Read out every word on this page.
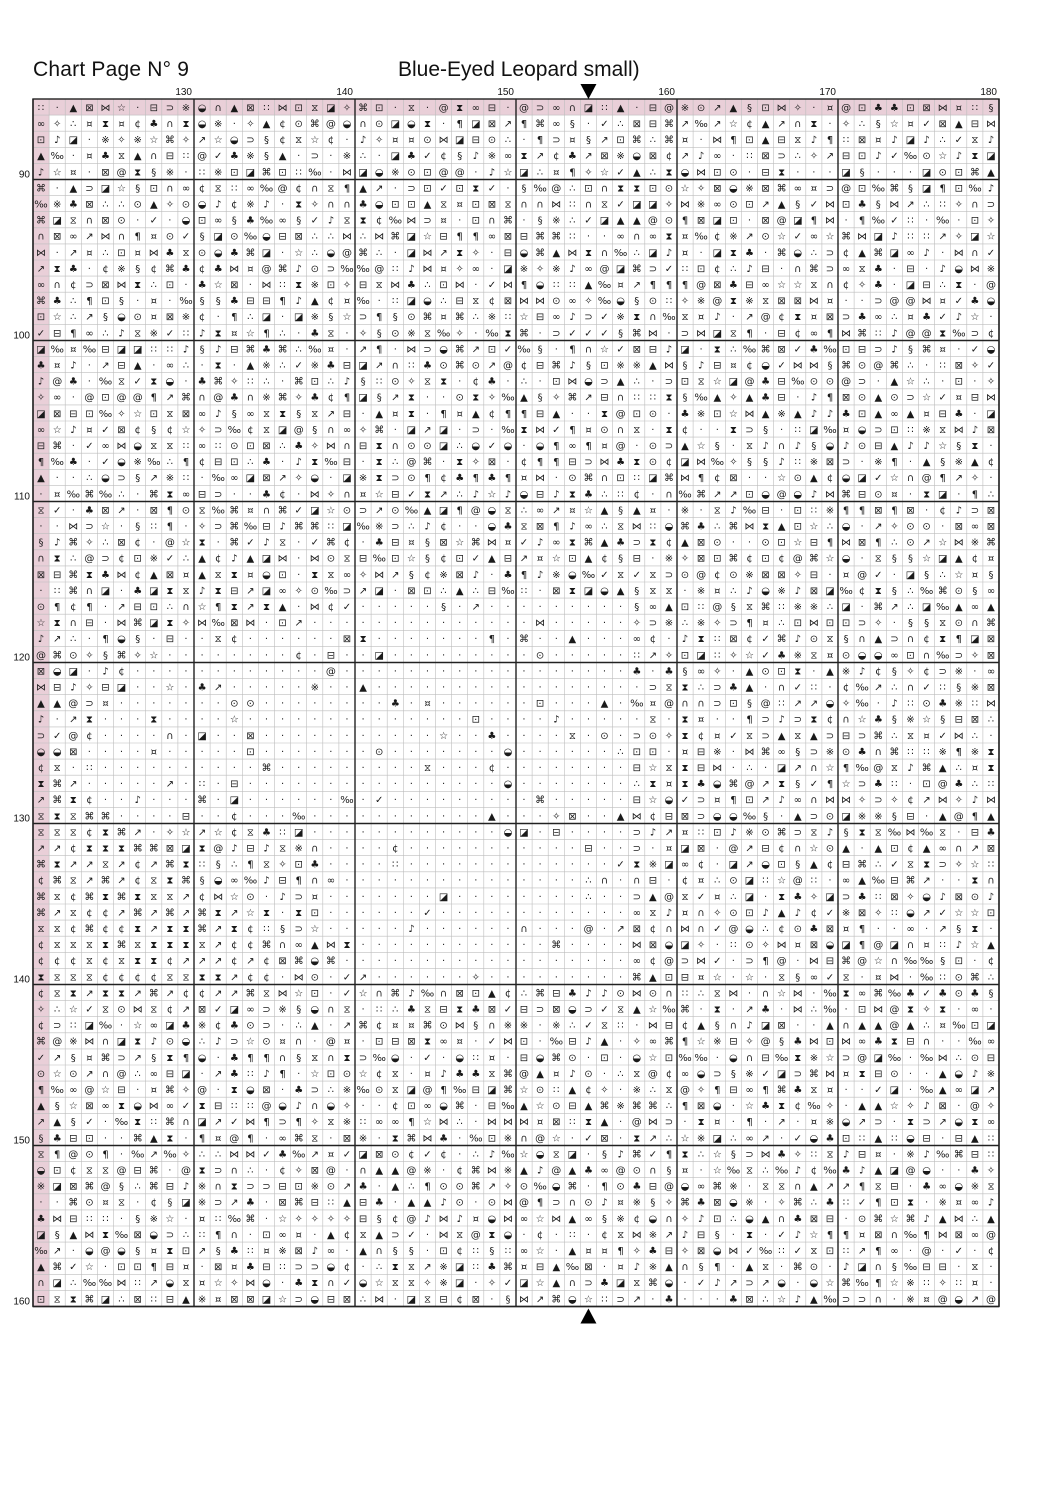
Chart Page N° 9	Blue-Eyed Leopard small)
∷ · ▲ ⊠ ⋈ ☆ · ⊟ ⊃ ※ ◒ ∩ ▲ ⊠ ∷ ⋈ ⊡ ⧖ ◪ ✧ ⌘ ⊡ · ⧖ · @ ⧗ ∞ ⊟ · @ ⊃ ∞ ∩ ◪ ∷ ▲ · ⊟ @ ※ ⊙ ↗ ▲ § ⊡ ⋈ ✧ · ¤ @ ⊡ ♣ ♣ ⊡ ⊠ ⋈ ¤ ∷ §
∞ ✧ ∴ ¤ ⧗ ¤ ¢ ♣ ∩ ⧗ ◒ ※ · ✧ ▲ ¢ ⊙ ⌘ @ ◒ ∩ ⊙ ◪ ◒ ⧗ · ¶ ◪ ⊠ ↗ ¶ ⌘ ∞ § · ✓ ∴ ⊠ ⊟ ⌘ ↗ ‰ ↗ ☆ ¢ ▲ ↗ ∩ ⧗ · ✧ ∴ § ☆ ¤ ✓ ⊠ ▲ ⊟ ⋈
⊡ ♪ ◪ · ※ ✧ ※ ☆ ⌘ ✧ ↗ ☆ ◒ ⊃ § ¢ ⧖ ☆ ¢ · ♪ ✧ ¤ ¤ ⊙ ⋈ ◪ ⊟ ⊙ ∴ · ¶ ⊃ ¤ § ↗ ⊡ ⌘ ∴ ⌘ ¤ · ⋈ ¶ ⊡ ▲ ⊟ ⧖ ♪ ¶ ∷ ⊠ ¤ ♪ ◪ ♪ ∴ ✓ ⧖ ♪
▲ ‰ · ¤ ♣ ⧖ ▲ ∩ ⊟ ∷ @ ✓ ♣ ※ § ▲ · ⊃ · ※ ∴ · ◪ ♣ ✓ ¢ § ♪ ※ ∞ ⧗ ↗ ¢ ♣ ↗ ⊠ ※ ◒ ⊠ ¢ ↗ ♪ ∞ · ∷ ⊠ ⊃ ∴ ✧ ↗ ⊟ ⊡ ♪ ✓ ‰ ⊙ ☆ ♪ ⧗ ◪
♪ ☆ ¤ · ⊠ @ ⧗ § ※ · ∷ ※ ⊡ ◪ ⌘ ⊡ ∷ ‰ · ⋈ ◪ ◒ ※ ⊙ ⊡ @ @ · ♪ ☆ ◪ ∴ ¤ ¶ ✧ ☆ ✓ ▲ ∴ ⧗ ◒ ⋈ ⊡ ⊙ · ⊟ ⧗ · · · ◪ § · · · ◪ ⊙ ⊡ ⌘ ▲
⌘ · ▲ ⊃ ◪ ☆ § ⊡ ∩ ∞ ¢ ⧖ ∷ ∞ ‰ @ ¢ ∩ ⧖ ¶ ▲ ↗ · ⊃ ⊡ ✓ ⊡ ⧗ ✓ · § ‰ @ ∴ ⊡ ∩ ⧗ ⧗ ⊡ ⊙ ☆ ✧ ⊠ ◒ ※ ⊠ ⌘ ∞ ¤ ⊃ @ ⊡ ‰ ⌘ § ◪ ¶ ⊡ ‰ ♪
‰ ※ ♣ ⊠ ∴ ∴ ⊙ ▲ ✧ ⊙ ◒ ♪ ¢ ※ ♪ · ⧗ ✧ ∩ ∩ ♣ ◒ ⊡ ⊡ ▲ ⧖ ¤ ⊡ ⊠ ⧖ ∩ ∩ ⋈ ∷ ∩ ⧖ ✓ ◪ ◪ ✧ ⋈ ※ ∞ ⊙ ⊡ ↗ ▲ § ✓ ⋈ ⊡ ♣ § ⋈ ↗ ∴ ∷ ✧ ∩ ⊃
⌘ ◪ ⧖ ∩ ⊠ ⊙ · ✓ · ◒ ⊡ ∞ § ♣ ‰ ∞ § ✓ ♪ ⧖ ⧗ ¢ ‰ ⋈ ⊃ ¤ · ⊡ ∩ ⌘ · § ※ ∴ ✓ ◪ ▲ ▲ @ ⊙ ¶ ⊠ ◪ ⊡ · ⊠ @ ◪ ¶ ⋈ · ¶ ‰ ✓ ∷ · ‰ · ⊡ ✧
∩ ⊠ ∞ ↗ ⋈ ∩ ¶ ¤ ⊙ ✓ § ◪ ⊙ ‰ ◒ ⊟ ⊠ ∴ ∴ ⋈ ∴ ⋈ ⌘ ◪ ☆ ⊟ ¶ ¶ ∞ ⊠ ⊟ ⌘ ⌘ ∷ · · ∞ ∩ ∞ ⧗ ¤ ‰ ¢ ※ ↗ ⊙ ☆ ✓ ∞ ☆ ⌘ ⋈ ◪ ♪ ∷ ∷ ↗ ✧ ◪ ☆
⋈ · ↗ ¤ ∴ ⊡ ¤ ⋈ ♣ ⧖ ⊙ ◒ ♣ ⌘ ◪ · ☆ ∴ ◒ @ ⌘ ∴ · ◪ ⋈ ↗ ⧗ ✧ · ⊟ ◒ ⌘ ▲ ⋈ ⧗ ∩ ‰ ∴ ◪ ♪ ¤ · ◪ ⧗ ♣ · ⌘ ◒ ∴ ⊃ ¢ ▲ ⌘ ◪ ∞ ♪ · ⋈ ∩ ✓
↗ ⧗ ♣ · ¢ ※ § ¢ ⌘ ♣ ¢ ♣ ⋈ ¤ @ ⌘ ♪ ⊙ ⊃ ‰ ‰ @ ∷ ♪ ⋈ ¤ ✧ ∞ · ◪ ※ ✧ ※ ♪ ∞ @ ◪ ⌘ ⊃ ✓ ∷ ⊡ ¢ ∴ ♪ ⊟ · ∩ ⌘ ⊃ ∞ ⧖ ♣ · ⊟ · ♪ ◒ ⋈ ※
∞ ∩ ¢ ⊃ ⊠ ⋈ ⧗ ∴ ⊡ · ♣ ☆ ⊠ · ⋈ ∷ ⧗ ※ ⊡ ✧ ⊟ ⧖ ⋈ ♣ ∴ ⊡ ⋈ · ✓ ⋈ ¶ ◒ ∷ ∷ ▲ ‰ ¤ ↗ ¶ ¶ ¶ @ ⊠ ♣ ⊟ ∞ ☆ ☆ ⧖ ∩ ¢ ✧ ♣ · ◪ ⊟ ∴ ⧗ · @
⌘ ♣ ∴ ¶ ⊡ § · ¤ · ‰ § § ♣ ⊟ ⊟ ¶ ♪ ▲ ¢ ¤ ‰ · ∷ ◪ ◒ ∴ ⊟ ⧖ ¢ ⊠ ⋈ ⋈ ⊙ ∞ ✧ ‰ ◒ § ⊙ ∷ ✧ ※ @ ⧗ ※ ⧖ ⊠ ⊠ ⋈ ¤ · · ⊃ @ @ ⋈ ¤ ✓ ♣ ◒
⊡ ☆ ∴ ↗ § ◒ ⊙ ¤ ⊠ ※ ¢ · ¶ ∴ ◪ · ◪ ※ § ☆ ⊃ ¶ § ⊙ ⌘ ¤ ⌘ ∴ ※ ∷ ☆ ⊟ ∞ ♪ ⊃ ✓ ※ ⧗ ∩ ‰ ⧖ ¤ ♪ · ↗ @ ¢ ⧗ ¤ ⊠ ⊃ ♣ ∞ ∴ ¤ ♣ ✓ ♪ ☆ ·
✓ ⊟ ¶ ∞ ∴ ♪ ⧖ ※ ✓ ∷ ♪ ⧗ ¤ ☆ ¶ ∴ · ♣ ⧖ · ✧ § ⊙ ※ ⧖ ‰ ✧ · ‰ ⧗ ⌘ · ⊃ ✓ ✓ ✓ § ⌘ ⋈ · ⊃ ⋈ ◪ ⧖ ¶ · ⊟ ¢ ∞ ¶ ⋈ ⌘ ∷ ♪ @ @ ⧗ ‰ ⊃ ¢
◪ ‰ ¤ ‰ ⊟ ◪ ◪ ∷ ∷ ♪ § ♪ ⊟ ⌘ ♣ ⌘ ∴ ‰ ¤ · ↗ ¶ · ⋈ ⊃ ◒ ⌘ ↗ ⊡ ✓ ‰ § · ¶ ∩ ☆ ✓ ⊠ ⊟ ♪ ◪ · ⧗ ∴ ‰ ⌘ ⊠ ✓ ♣ ‰ ⊡ ⊟ ⊃ ♪ § ⌘ ¤ · ✓ ◒
♣ ¤ ♪ · ↗ ⊟ ▲ · ∞ ∴ · ⧗ · ▲ ※ ∴ ✓ ※ ♣ ⊟ ◪ ↗ ∩ ∷ ♣ ⊙ ⌘ ⊙ ↗ @ ¢ ⊟ ⌘ ♪ § ⊡ ※ ※ ▲ ⋈ § ♪ ⊟ ¤ ¢ ◒ ✓ ⋈ ⋈ § ⌘ ⊙ @ ⌘ ∴ · ∷ ⊠ ✧ ✓
♪ @ ♣ · ‰ ⧖ ✓ ⧗ ◒ · ♣ ⌘ ✧ ∷ ∴ · ⌘ ⊡ ∴ ♪ § ∷ ⊙ ✧ ⧖ ⧗ · ¢ ♣ · ∴ · ⊡ ⋈ ◒ ⊃ ▲ ∴ · ⊃ ⊡ ⧖ ☆ ◪ @ ♣ ⊟ ‰ ⊙ ⊙ @ ⊃ · ▲ ☆ ∴ · ⊡ · ✧
✧ ∞ · @ ⊡ @ @ ¶ ↗ ⌘ ∩ @ ♣ ∩ ※ ⌘ ✧ ♣ ¢ ¶ ◪ § ↗ ⧗ · · ⊙ ⧗ ✧ ‰ ▲ § ✧ ⌘ ↗ ⊟ ∩ ∷ ∷ ⧗ § ‰ ▲ ✧ ▲ ♣ ⊟ · ♪ ¶ ⊠ ⊙ ▲ ⊙ ⊃ ☆ ✓ ¤ ⊟ ⋈
◪ ⊠ ⊟ ⊡ ‰ ✧ ☆ ⊡ ⧖ ⊠ ∞ ♪ § ∞ ⧖ ⧗ § ⧖ ↗ ⊟ · ▲ ¤ ⧗ · ¶ ¤ ▲ ¢ ¶ ¶ ⊟ ▲ · · ⧗ @ ⊡ ⊙ · ♣ ※ ⊡ ☆ ⋈ ▲ ※ ▲ ♪ ♪ ♣ ⊡ ▲ ∞ ▲ ¤ ⊟ ♣ · ◪
∞ ☆ ♪ ¤ ✓ ⊠ ¢ § ¢ ☆ ✧ ⊃ ‰ ¢ ⧖ ◪ @ § ∩ ∞ ✧ ⌘ · ◪ ↗ ◪ · ⊃ · ‰ ⧗ ⋈ ✓ ¶ ¤ ⊙ ∩ ⧖ · ⧗ ¢ · · ⧗ ⊃ § · ∷ ◪ ‰ ¤ ◒ ⊃ ⊡ ∷ ※ ⧖ ⋈ ♪ ⊠
⊟ ⌘ · ✓ ∞ ⋈ ◒ ⧖ ⧖ ∷ ∞ ∷ ⊙ ⊡ ⊠ ∴ ♣ ✧ ⋈ ∩ ⊟ ⧗ ∩ ⊙ ⊙ ◪ ∴ ◒ ✓ ◒ · ◒ ¶ ∞ ¶ ¤ @ · ⊙ ⊃ ▲ ☆ § · ⧖ ♪ ∩ ♪ § ◒ ♪ ⊙ ⊟ ▲ ♪ ♪ ☆ § ⧗ ·
¶ ‰ ♣ · ✓ ◒ ※ ‰ ∴ ¶ ¢ ⊟ ⊡ ∴ ♣ · ♪ ⧗ ‰ ⊟ · ⧗ ∴ @ ⌘ · ⧗ ✧ ⊠ · ¢ ¶ ¶ ⊟ ⊃ ⋈ ♣ ⧗ ⊙ ¢ ◪ ⋈ ‰ ✧ § § ♪ ∷ ※ ⊠ ⊃ · ※ ¶ · ▲ § ※ ▲ ¢
▲ · · ∴ ◒ ⊃ § ↗ ※ ∷ · ‰ ∞ ◪ ⊠ ↗ ✧ ◒ · ◪ ※ ⧗ ⊃ ⊙ ¶ ¢ ♣ ¶ ♣ ¶ ¤ ⋈ · ⊙ ⌘ ∩ ⊡ ∷ ◪ ⌘ ⋈ ¶ ¢ ⊠ · · ☆ ⊙ ▲ ¢ ◒ ◪ ✓ ☆ ∩ @ ¶ ↗ ✧ ·
· ¤ ‰ ⌘ ‰ ∴ · ⌘ ⧗ ∞ ⊟ ⊃ · · ♣ ¢ · ⋈ ✧ ∩ ¤ ☆ ⊟ ✓ ⧗ ↗ ∴ ♪ ☆ ♪ ◒ ⊟ ♪ ⧗ ♣ ∴ ∷ ¢ · ∩ ‰ ⌘ ↗ ↗ ⊡ ◒ @ ◒ ♪ ⋈ ⌘ ⊟ ⊙ ¤ · ⧗ ◪ · ¶ ∴
⧖ ✓ · ♣ ⊠ ↗ · ⊠ ¶ ⊙ ⧖ ‰ ⌘ ¤ ∩ ⌘ ✓ ◪ ☆ ⊙ ⊃ ↗ ⊙ ‰ ▲ ◪ ¶ @ ◒ ⧖ ∴ ∞ ↗ ¤ ☆ ▲ § ▲ ¤ · ※ · ⧖ ♪ ‰ ⊟ · ⊡ ∷ ※ ¶ ¶ ⊠ ¶ ⊠ · ¢ ♪ ⊃ ⊠
· · ⋈ ⊃ ☆ · § ∷ ¶ · ✧ ⊃ ⌘ ‰ ⊟ ♪ ⌘ ⌘ ∷ ◪ ‰ ※ ⊃ ∴ ♪ ¢ · · ◒ ♣ ⧖ ⊠ ¶ ♪ ∞ ∴ ⧖ ⋈ ∷ ◒ ⌘ ♣ ∴ ⌘ ⋈ ⧗ ▲ ⊡ ☆ ∴ ◒ · ↗ ✧ ⊙ ⊙ · ⊠ ∞ ⊠
§ ♪ ⌘ ✧ ∴ ⊠ ¢ · @ ☆ ⧗ · ⌘ ✓ ♪ ⧖ · ✓ ⌘ ¢ · ♣ ⊟ ¤ § ⊠ ☆ ⌘ ⋈ ¤ ✓ ♪ ∞ ⧗ ⌘ ▲ ♣ ⊃ ⧗ ¢ ▲ ⊠ ⊙ · · ⊙ ⊡ ☆ ⊟ ¶ ⋈ ⊠ ¶ ∴ ⊙ ↗ ☆ ⋈ ※ ⌘
∩ ⧗ ∴ @ ⊃ ¢ ⊡ ※ ✓ ∴ ▲ ¢ ♪ ▲ ◪ ⋈ · ⋈ ⊙ ⧖ ⊟ ‰ ⊡ ☆ § ¢ ⊡ ✓ ▲ ⊟ ↗ ¤ ☆ ⊡ ▲ ¢ § ⊟ · ※ ✧ ⊠ ⊡ ⌘ ¢ ⊡ ¢ @ ⌘ ☆ ◒ · ⧖ § § ☆ ◪ ▲ ¢ ¤
⊠ ⊟ ⌘ ⧗ ♣ ⋈ ¢ ▲ ⊠ ¤ ▲ ⧖ ⧗ ¤ ◒ ⊡ · ⧗ ⧖ ∞ ✧ ⋈ ↗ § ¢ ※ ⊠ ♪ · ♣ ¶ ♪ ※ ◒ ‰ ✓ ⧖ ✓ ⧖ ⊃ ⊙ @ ¢ ⊙ ※ ⊠ ⊠ ✧ ⊟ · ¤ @ ✓ · ◪ § ∴ ☆ ¤ §
· ∷ ⌘ ∩ ◪ · ♣ ◪ ⧗ ⧖ ♪ ⧗ ⊟ ↗ ◪ ∞ ✧ ⊙ ‰ ⊃ ↗ ◪ · ⊠ ⊡ ∴ ▲ ∴ ⊟ ‰ ∷ · ⊠ ⧗ ◪ ◒ ▲ § ⧖ ⧖ · ※ ¤ ∴ ♪ ◒ ※ ♪ ⊠ ◪ ‰ ¢ ⧗ § ∴ ‰ ⌘ ⊙ § ∞
⊙ ¶ ¢ ¶ · ↗ ⊟ ⊡ ∴ ∩ ☆ ¶ ⧗ ↗ ⧗ ▲ · ⋈ ¢ ✓ · · · · · § · ↗ · · · · · · · · · § ∞ ▲ ⊡ ∷ @ § ⧖ ⌘ ∷ ※ ※ ∴ ◪ · ⌘ ↗ ∴ ◪ ‰ ▲ ∞ ▲
☆ ⧗ ∩ ⊟ · ⋈ ⌘ ◪ ⧗ ✧ ⋈ ‰ ⊠ ⋈ · ⊡ ↗ · · · · · · · · · · · · · · ⋈ · · · · · ✧ ⊃ ※ ∴ ※ ✧ ⊃ ¶ ¤ ∴ ⊡ ⋈ ⊡ ⊡ ⊃ ✧ · § § ⧖ ⊙ ∩ ⌘
♪ ↗ ∴ · ¶ ◒ § · ⊟ · · ⧖ ¢ · · · · · · ⊠ ⧗ · · · · · · · ¶ · ⌘ · · ▲ · · · ∞ ¢ · ♪ ⧗ ∷ ⊠ ¢ ✓ ⌘ ♪ ⊙ ⧖ § ∩ ▲ ⊃ ∩ ¢ ⧗ ¶ ◪ ⊠
@ ⌘ ⊙ ✧ § ⌘ ✧ ☆ · · · · · · · · ¢ · ⊟ · · ◪ · · · · · · · · · ⊙ · · · · · ∷ ↗ ✧ ⊡ ◪ ∷ ✧ ☆ ✓ ♣ ※ ⧖ ¤ ⊙ ◒ ◒ ∞ ⊡ ∩ ‰ ⊃ ✧ ⊠
⊠ ◒ ◪ · ♪ ¢ · · · · · · · · · · · · @ · · · · · · · · · · · · · · · · · · ♣ · ♣ § ∞ ✧ · ▲ ⊙ ⊡ ⧗ · ▲ ※ ♪ ¢ § ✧ ¢ ⊃ ※ · ∞
⋈ ⊟ ♪ ✧ ⊟ ◪ · · ☆ · ♣ ↗ · · · · · ※ · · ▲ · · · · · · · · · · · · · · · · · ⊃ ⧖ ⧗ ∴ ⊃ ♣ ▲ · ∩ ✓ ∷ · ¢ ‰ ↗ ∴ ∩ ✓ ∷ § ※ ⊠
▲ ▲ @ ⊃ ¤ · · · · · · · ⊙ ⊙ · · · · · · · · ♣ · ¤ · · · · · · ⊡ · · · ▲ · ‰ ¤ @ ∩ ∩ ⊃ ⊡ § @ ∷ ↗ ↗ ◒ ✧ ‰ · ♪ ∷ ⊙ ♣ ※ ∷ ⋈
♪ · ↗ ⧗ · · · ⧗ · · · · ☆ · · · · · · · · · · · · · · ⊡ · · · · ♪ · · · · · ⧖ · ⧗ ¤ · · ¶ ⊃ ♪ ⊃ ⧗ ¢ ∩ ☆ ♣ § ※ ☆ § ⊟ ⊠ ∴
⊃ ✓ @ ¢ · · · · ∩ · ◪ · · ⊠ · · · · · · · · · · · ☆ · · ♣ · · · · ⧖ · ⊙ · ⊃ ⊙ ✧ ⧗ ¢ ¤ ✓ ⧖ ⊃ ▲ ⧖ ▲ ⊃ ⊟ ⊃ ⌘ ∴ ⧖ ¤ ✓ ⋈ ∴ ·
◒ ◒ ⊠ · · · · ¤ · · · · · ⊡ · · · · · · · ⊙ · · · · · · · ◒ · · · · · · ∴ ⊡ ⊡ · ¤ ⊟ ※ · ⋈ ⌘ ∞ § ⊃ ※ ⊙ ♣ ∩ ⌘ ∷ ∷ ※ ¶ ※ ⧗
¢ ⧖ · ∷ · · · · · · · · · · ⌘ · · · · · · · · · ⧖ · · · ¢ · · · · · · · · ⊟ ☆ ⧖ ⧗ ⊟ ⋈ · ∴ · ◪ ↗ ∩ ☆ ¶ ‰ @ ⧖ ♪ ⌘ ▲ ∴ ¤ ⧗
⧗ ⌘ ↗ · · · · · ↗ · ∷ · ⊟ · · · · · · · · · · · · · · · · ◒ · · · · · · · ∴ ⧗ ¤ ⧗ ♣ ◒ ⌘ @ ↗ ⧗ § ✓ ¶ ☆ ⊃ ♣ ∷ · ⊡ @ ♣ ∴ ∷
↗ ⌘ ⧗ ¢ · · ♪ · · · ⌘ · ◪ · · · · · · ‰ · ✓ · · · · · · · · · ⌘ · · · · · ⊟ ☆ ◒ ✓ ⊃ ¤ ¶ ⊡ ↗ ♪ ∞ ∩ ⋈ ⋈ ✧ ⊃ ✧ ¢ ↗ ⋈ ✧ ♪ ⋈
⧖ ⧗ ⧖ ⌘ ⌘ · · · · ⊟ · · ¢ · · · ‰ · · · · · · · · · · · ▲ · · · ✧ ⊠ · · ▲ ⋈ ¢ ⊟ ⊠ ⊃ ◒ ◒ ‰ § · ▲ ⊃ ⊙ ◪ ※ ※ § ⊟ · ▲ @ ¶ ▲
⧖ ⧖ ⧖ ¢ ⧗ ⌘ ↗ · ✧ ☆ ↗ ☆ ¢ ⧖ ♣ ∷ ◪ · · · · · · · · · · · · ◒ ◪ · ⊟ · · · · ⊃ ♪ ↗ ¤ ∷ ⊡ ♪ ※ ⊙ ⌘ ⊃ ⧖ ♪ § ⧗ ⧖ ‰ ⋈ ‰ ⧖ · ⊟ ♣
↗ ↗ ¢ ⧗ ⧗ ⧗ ⌘ ⌘ ⊠ ◪ ⧗ @ ♪ ⊟ ♪ ⧖ ※ ∩ · · · · ¢ · · · · · · · · · · · ⊟ · · ⊃ · ¤ ◪ ⊠ · @ ↗ ⊟ ¢ ∩ ☆ ⊙ ▲ · ▲ ⊡ ¢ ▲ ∞ ∩ ↗ ⊠
⌘ ⧗ ↗ ↗ ⧖ ↗ ¢ ↗ ⌘ ⧗ ∷ § ∴ ¶ ⧖ ✧ ⊡ ♣ · · · · ∷ · · · · · · · · · · · · · ✓ ⧗ ※ ◪ ∞ ¢ · ◪ ↗ ◒ ⊡ § ▲ ¢ ⊟ ⌘ ∴ ✓ ⧖ ⧗ ⊃ ✧ ☆ ∷
¢ ⌘ ⧖ ↗ ⌘ ↗ ¢ ⧖ ⧗ ⌘ § ◒ ∞ ‰ ♪ ⊟ ¶ ∩ ∞ · · · · · · · · · · · · · · · ∴ ∩ · ∩ ⊟ · ¢ ¤ ∴ ⊙ ◪ ∷ ☆ @ ∷ · ∞ ▲ ‰ ⊟ ⌘ ↗ · · ⧗ ∩
⌘ ⧖ ¢ ⌘ ⧗ ⌘ ⧗ ⧖ ⧖ ↗ ¢ ⋈ ☆ ⊙ · ♪ ⊃ ¤ · · · · · · · ◪ · · · · · · · · ∴ · · ⊃ ▲ @ ⧖ ✓ ¤ ∴ ◪ · ⧗ ♣ ✧ ◪ ⊃ ♣ ∷ ⊠ ✧ ◒ ♪ ⊠ ⊙ ♪
⌘ ↗ ⧖ ¢ ¢ ↗ ⌘ ↗ ⌘ ↗ ⌘ ⧗ ↗ ☆ ⧗ · ⧗ ⊡ · · · · · · ✓ · · · · · · · · · · · · ∞ ⧖ ♪ ¤ ∩ ✧ ⊙ ⊡ ♪ ▲ ♪ ¢ ✓ ※ ⊠ ✧ ∷ ◒ ↗ ✓ ☆ ☆ ⊡
⧖ ⧖ ¢ ⌘ ¢ ¢ ⧗ ↗ ⧗ ⧗ ⌘ ↗ ⧗ ¢ ∷ § ⊃ ☆ · · · · · ♪ · · · · · · ∩ · · · @ · ↗ ⊠ ¢ ∩ ⋈ ∩ ✓ @ ◒ ∴ ¢ ⊙ ♣ ⊠ ¤ ¶ · · ∞ · ↗ § ⧗ ·
¢ ⧖ ⧖ ⧖ ⧗ ⌘ ⧖ ⧗ ⧗ ⧗ ⧖ ↗ ¢ ¢ ⌘ ∩ ∞ ▲ ⋈ ⧗ · · · · · · · · · · · · ⌘ · · · · ⋈ ⊠ ◒ ◪ ✧ · ∷ ⊙ ✧ ⋈ ¤ ⊠ ◒ ◪ ¶ @ ◪ ∩ ¤ ∷ ♪ ☆ ▲
¢ ¢ ¢ ⧖ ¢ ⧖ ⧗ ⧗ ¢ ↗ ↗ ↗ ¢ ↗ ¢ ⊠ ⌘ ◒ ⌘ · · · · · · · · · · · · · · · · · · ∞ ¢ @ ⊃ ⋈ ✓ · ⊃ ¶ @ · ⋈ ⊟ ⌘ @ ☆ ∩ ‰ ‰ § ⊡ · ¢
⧗ ⧖ ⧖ ⧖ ¢ ¢ ¢ ¢ ⧖ ⧖ ⧗ ⧗ ↗ ¢ ¢ · ⋈ ⊙ · ✓ ↗ · · · · · · ✧ · · · · · · · · · ⌘ ▲ ⊡ ⊟ ¤ ☆ · ☆ · ⧖ § ∞ ✓ ⧖ · ¤ ⋈ · ‰ ∷ ⊙ ⌘ ∴
¢ ⧖ ⧗ ↗ ⧗ ⧗ ↗ ⌘ ↗ ¢ ¢ ↗ ↗ ⌘ ⧖ ⋈ ☆ ⊡ · ✓ ☆ ∩ ⌘ ♪ ‰ ∩ ⊠ ⊡ ▲ ¢ ∴ ⌘ ⊟ ♣ ♪ ♪ ⊙ ⋈ ⊙ ∩ ∷ ∴ ⧖ ⋈ · ∩ ☆ ⋈ · ‰ ⧗ ∞ ⌘ ‰ ♣ ✓ ♣ ⊙ ♣ §
✧ ∴ ☆ ✓ ⧖ ⊙ ⋈ ⧖ ¢ ↗ ⊠ ✓ ◪ ∞ ⊃ ※ § ◒ ∩ ⧖ · ∷ ∴ ♣ ⧖ ⊟ ⧗ ♣ ⊠ ✓ ⊟ ⊃ ⊠ ◒ ⊃ ✓ ⧖ ▲ ☆ ‰ ⌘ · ⧗ · ↗ ♣ · ⋈ ∴ ‰ · ⊡ ⋈ @ ⧗ ✧ ⧗ · ∞ ·
¢ ⊃ ∷ ◪ ‰ · ☆ ∞ ◪ ♣ ※ ¢ ♣ ⊙ ⊃ · ∴ ▲ · ↗ ⌘ ¢ ¤ ¤ ⌘ ⊙ ⋈ § ∩ ※ ※ · ※ ∴ ✓ ⧖ ∷ · ⋈ ⊟ ¢ ▲ § ∩ ♪ ◪ ⊠ · · ▲ ∩ ▲ ▲ @ ▲ ∴ ¤ ‰ ⊡ ◪
⌘ @ ※ ⋈ ∩ ◪ ⧗ ♪ ⊙ ◒ ∴ ♪ ⊃ ☆ ⊙ ¤ ∩ · @ ¤ · ⊡ ⊟ ⊠ ⧗ ∞ ¤ · ✓ ⋈ ⊡ · ‰ ⊟ ♪ ▲ · ✧ ∞ ⌘ ¶ ☆ ※ ⊟ ✧ @ § ♣ ⋈ ⊡ ⋈ ∞ ♣ ⧗ ⊟ ∩ · · ‰ ∞
✓ ↗ § ¤ ⌘ ⊃ ↗ § ⧗ ¶ ◒ · ♣ ¶ ¶ ∩ § ⧖ ∩ ⧗ ⊃ ‰ ◒ · ✓ · ◒ ∷ ¤ · ⊟ ◒ ⌘ ⊙ · ⊡ · ◒ ☆ ⊡ ‰ ‰ · ◒ ∩ ⊟ ‰ ⧗ ※ ☆ ⊃ @ ◪ ‰ · ‰ ⋈ ∴ ⊙ ⊟
⊙ ☆ ⊙ ↗ ∩ @ ∴ ∞ ⊟ ◪ · ↗ ♣ ∷ ♪ ¶ · ☆ ⊡ ⊙ ☆ ¢ ⧖ · ¤ ♪ ♣ ♣ ⧖ ⌘ @ ▲ ¤ ♪ ⊙ · ∴ ⧖ @ ¢ ∞ ◒ ⊃ § ※ ✓ ◪ ⊃ ⌘ ⋈ ¤ ⧗ ⊟ ⊙ · · ▲ ◒ ♪ ※
¶ ‰ ∞ @ ☆ ⊟ · ¤ ⌘ ✧ @ · ⧗ ◒ ⊠ · ♣ ⊃ ∴ ※ ‰ ⊙ ⧖ ◪ @ ¶ ‰ ⊟ ◪ ⌘ ☆ ⊙ ∷ ▲ ¢ ✧ · ※ ∴ ⧖ @ ✧ ¶ ⊟ ∞ ¶ ⌘ ♣ ⧖ ¤ · · ✓ ◪ · ‰ ▲ ∞ ◪ ↗
▲ § ☆ ⊠ ∞ ⧗ ◒ ⋈ ∞ ✓ ⧗ ⊟ ∷ ∷ @ ◒ ♪ ∩ ◒ ✧ · · ¢ ⊡ ∞ ◒ ⌘ · ⊟ ‰ ▲ ☆ ⊙ ⊟ ▲ ⌘ ※ ⌘ ⌘ ∴ ¶ ⊠ ◒ · ☆ ♣ ⧗ ¢ ‰ ✧ · ▲ ▲ ☆ ✧ ♪ ⊠ · @ ✧
↗ ▲ § ✓ · ‰ ⧗ ∷ ⌘ ∩ ◪ ↗ ✓ ⋈ ¶ ⊃ ¶ ✧ ⧖ ※ ∷ ∞ ∞ ¶ ☆ ⋈ ∴ · ⋈ ⋈ ⋈ ¤ ⊠ ∷ ⧗ ▲ · @ ⋈ ⊃ · ⧗ ¤ · ¶ · ↗ · ¤ ※ ◒ ↗ ⊃ · ⧗ ⊃ ↗ ◒ ⧗ ∞
§ ♣ ⊟ ⊡ · · ⌘ ▲ ⧗ · ¶ ¤ @ ¶ · ∞ ⌘ ⧖ · ⊠ ※ · ⧗ ⌘ ⋈ ♣ · ‰ ⊡ ※ ∩ @ ☆ · ✓ ⊠ · ⧗ ↗ ∴ ☆ ※ ◪ ∴ ∞ ↗ · ✓ ◒ ♣ ⊡ ∷ ▲ ∷ ◒ ⊟ · ⊟ ▲ ∷
⧖ ¶ @ ⊙ ¶ · ‰ ↗ ‰ ✧ ∴ ∴ ⋈ ⋈ ✓ ♣ ‰ ↗ ¤ ✓ ◪ ⊠ ⊙ ¢ ✓ ¢ · ∴ ♪ ‰ ☆ ◒ ⧖ ◪ · § ♪ ⌘ ✓ ¶ ⧗ ∴ ☆ § ⊃ ⋈ ♣ ✧ ∷ ⧖ ♪ ⊟ ¤ · ※ ♪ ‰ ⌘ ⊟ ∷
◒ ⊡ ¢ ⧖ ⧖ @ ⊟ ⌘ · @ ⧗ ⊃ ∩ ∴ · ¢ ✧ ⊠ @ · ∩ ▲ ▲ @ ※ · ¢ ⌘ ⋈ ※ ▲ ♪ @ ▲ ♣ ∞ @ ⊙ ∩ § ¤ · ☆ ‰ ⧖ ∴ ‰ ♪ ¢ ‰ ♣ ♪ ▲ ◪ @ ◒ · · ♣ ✧
※ ◪ ⊠ ⌘ @ § ∴ ⌘ ⊟ ♪ ※ ∩ ⧗ ⊃ ⊃ ⊟ ⊡ ※ ⊙ ↗ ♣ · ▲ ∴ ¶ ⊙ ⊙ ⌘ ↗ ✧ ⊙ ‰ ◒ ⌘ · ¶ ⊙ ♣ ⊟ @ ◒ ∞ ⌘ ※ · ⧖ ⧖ ∩ ▲ ↗ ↗ ¶ ⧖ ⊟ · ♣ ∞ ◒ ※ ⧖
· · ⌘ ⊙ ¤ ⧖ · ¢ § ◪ ※ ⊃ ↗ ♣ · ⊠ ⌘ ⊟ ∷ ▲ ⊟ ♣ · ▲ ▲ ♪ ⊙ · ⊙ ⋈ @ ¶ ⊃ ∩ ⊙ ♪ ¤ ※ § ✧ ⌘ ♣ ⊠ ◒ ※ · ✧ ⌘ ∴ ♣ ∷ ✓ ¶ ⊡ ⧗ · ※ ¤ ∞ ♪
♣ ⋈ ⊟ ∷ ∷ · § ※ ☆ · ¤ ∷ ‰ ⌘ · ☆ ✧ ✧ ✧ ✧ ⊟ § ¢ @ ♪ ⋈ ♪ ¤ ◒ ⋈ ∞ ☆ ⋈ ▲ ∞ § ※ ¢ ◒ ∩ ✧ ♪ ⊡ ∴ ◒ ▲ ∩ ♣ ⊠ ⊟ · ⊙ ⌘ ☆ ⌘ ♪ ▲ ⋈ ∴ ▲
◪ § ▲ ⋈ ⧗ ‰ ⊠ ◒ ⊃ ∴ ∷ ¶ ∩ · ⊡ ∞ ¤ · ▲ ¢ ⧖ ▲ ⊃ ✓ · ⋈ ⧖ @ ⧗ ◒ · ¢ · ∷ · ¢ ⧖ ⋈ ※ ↗ ♪ ⊟ § · ⧗ · ✓ ♪ ☆ ¶ ¶ ¤ ⊠ ∩ ‰ ¶ ⋈ ⊠ ∞ @
‰ ↗ · ◒ @ ◒ § ¤ ⧗ ⊡ ↗ § ♣ ∷ ¤ ※ ⊠ ♪ ∞ · ▲ ∩ § § · ⊡ ¢ ∷ § ∷ ∞ ☆ · ▲ ¤ ¤ ¶ ✧ ♣ ⊟ ✧ ⊠ ◒ ⋈ ✓ ‰ ∷ ✓ ⧖ ⊡ ∷ ↗ ¶ ∞ · @ · ✓ · ¢
▲ ⌘ ✓ ☆ · ⊡ ⊡ ¶ ⊟ ¤ · ⊠ ¤ ♣ ⊟ ∷ ⊃ ⊃ ◒ ¢ · ∴ ⧗ ⧖ ↗ ※ ◪ ∷ ♣ ⌘ ¤ ⊟ ▲ ‰ ⊠ · ¤ ♪ ※ ▲ ∩ § ¶ · ▲ ⧖ · ⌘ ⊙ · ♪ ◪ ∩ § ‰ ⊟ ⊟ · ⧖ ·
∩ ◪ ∴ ‰ ‰ ⋈ ∷ ↗ ◒ ⧖ ¤ ☆ ✧ ⋈ ◒ · ♣ ⧗ ∩ ✓ ◒ ☆ ⧖ ⧖ ✧ ※ ◪ · ✧ ✓ ◪ ☆ ▲ ∩ ⊃ ♣ ◪ ⧖ ⌘ ◒ · ✓ ♪ ↗ ⊃ ↗ ◒ · ◒ ☆ ⌘ ‰ ¶ ☆ ※ ∷ ✧ ∷ ¤ ·
⊡ ⧖ ⧗ ⌘ ◪ ∴ ⊠ ∷ ⊟ ▲ ※ ¤ ⊠ ⊠ ◪ ☆ ⊃ ◒ ⊟ ⊠ ∴ ⋈ · ◪ ⧖ ⊟ ¢ ⊠ · § ⋈ ↗ ⌘ ◒ ☆ ∷ ⊃ ↗ · ♣ · · · ♣ ⊠ ∴ ☆ ♪ ▲ ‰ ⊃ ⊃ ∩ · ※ ¤ @ ◒ ↗ @
130	140	150	160	170	180
90
100
110
120
130
140
150
160
